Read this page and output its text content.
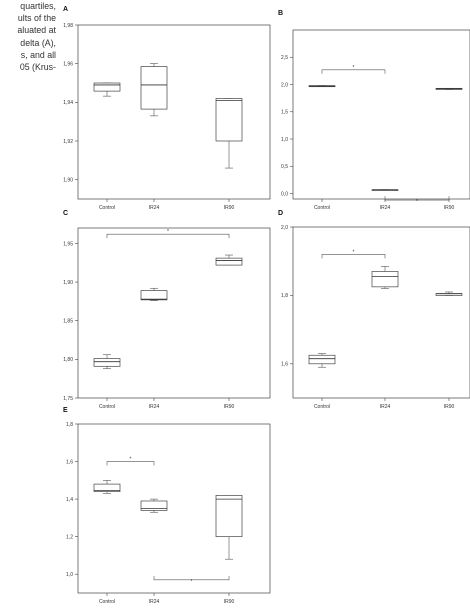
quartiles,
ults of the
aluated at
delta (A),
s, and all
05 (Krus-
A
1,90
1,92
1,94
1,96
1,98
Control	IR24	IR90
B
0,0
0,5
1,0
1,5
2,0
2,5
Control	IR24	IR90
*
*
C
1,75
1,80
1,85
1,90
1,95
Control	IR24	IR90
*
D
1,6
1,8
2,0
Control	IR24	IR90
*
E
1,0
1,2
1,4
1,6
1,8
Control	IR24	IR90
*
*
